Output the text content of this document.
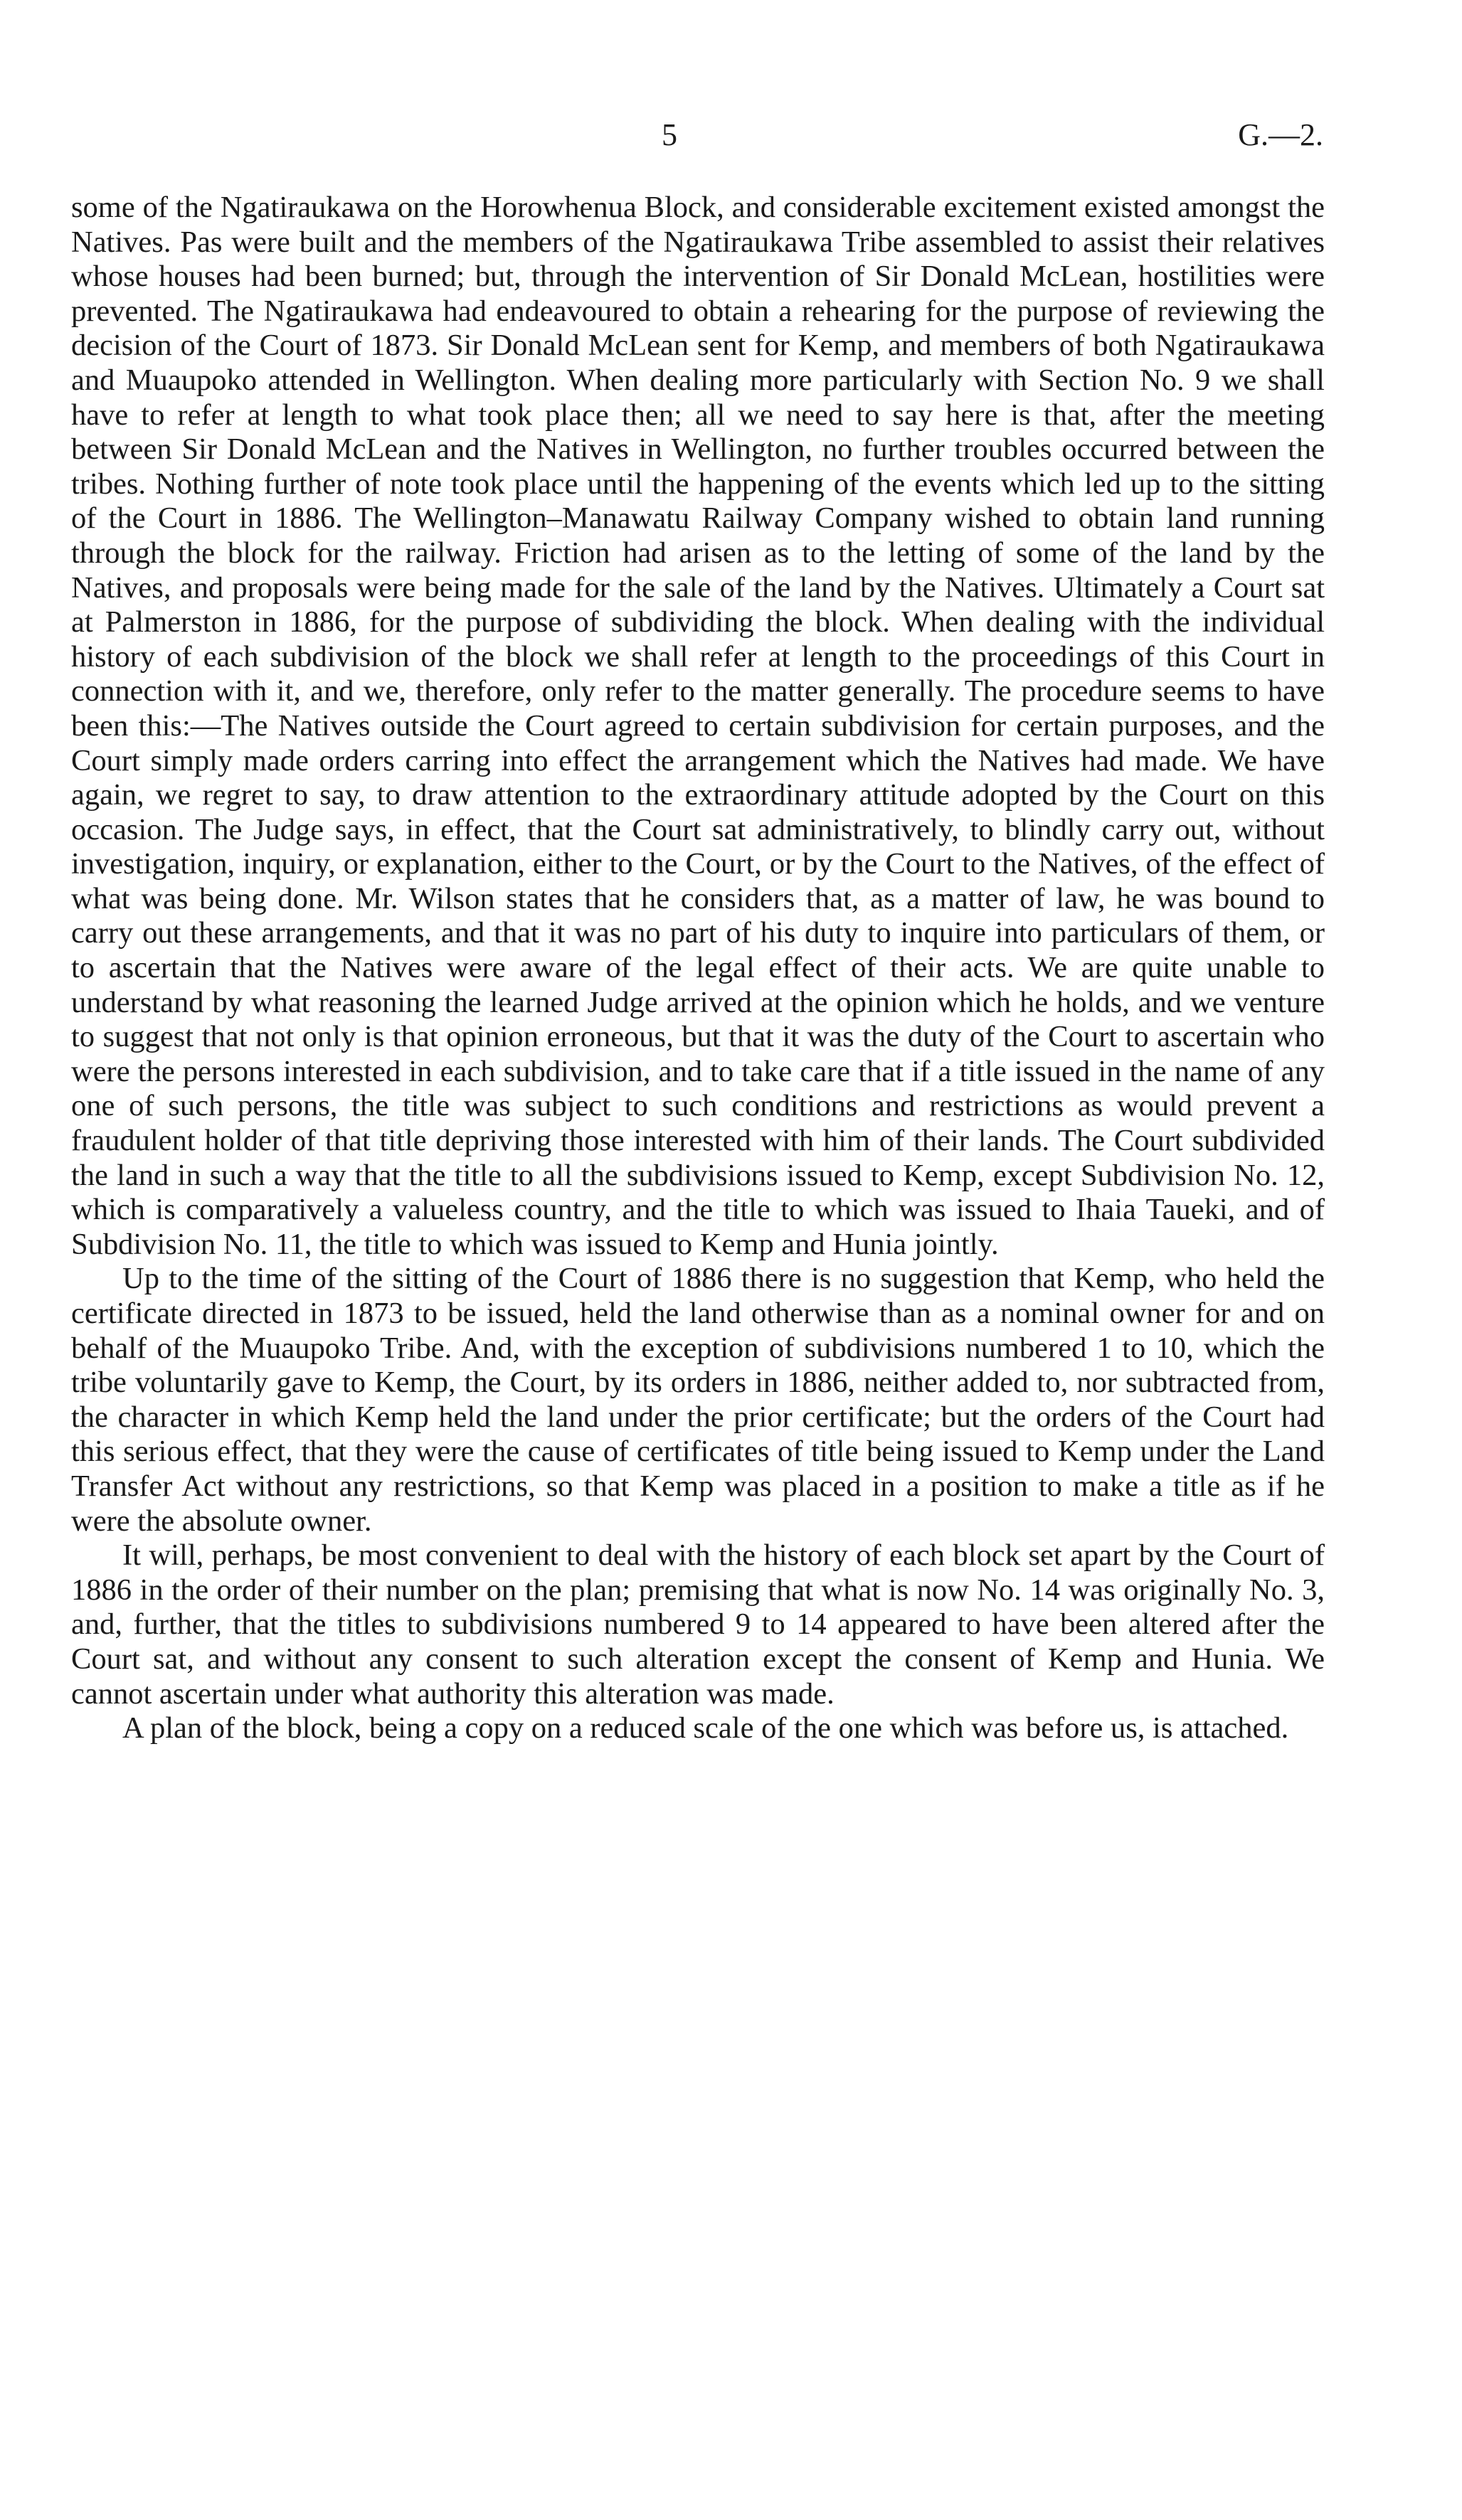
5	G.—2.

some of the Ngatiraukawa on the Horowhenua Block, and considerable excitement existed amongst the Natives. Pas were built and the members of the Ngatiraukawa Tribe assembled to assist their relatives whose houses had been burned; but, through the intervention of Sir Donald McLean, hostilities were prevented. The Ngatiraukawa had endeavoured to obtain a rehearing for the purpose of reviewing the decision of the Court of 1873. Sir Donald McLean sent for Kemp, and members of both Ngatiraukawa and Muaupoko attended in Wellington. When dealing more particularly with Section No. 9 we shall have to refer at length to what took place then; all we need to say here is that, after the meeting between Sir Donald McLean and the Natives in Wellington, no further troubles occurred between the tribes. Nothing further of note took place until the happening of the events which led up to the sitting of the Court in 1886. The Wellington–Manawatu Railway Company wished to obtain land running through the block for the railway. Friction had arisen as to the letting of some of the land by the Natives, and proposals were being made for the sale of the land by the Natives. Ultimately a Court sat at Palmerston in 1886, for the purpose of subdividing the block. When dealing with the individual history of each subdivision of the block we shall refer at length to the proceedings of this Court in connection with it, and we, therefore, only refer to the matter generally. The procedure seems to have been this:—The Natives outside the Court agreed to certain subdivision for certain purposes, and the Court simply made orders carring into effect the arrangement which the Natives had made. We have again, we regret to say, to draw attention to the extraordinary attitude adopted by the Court on this occasion. The Judge says, in effect, that the Court sat administratively, to blindly carry out, without investigation, inquiry, or explanation, either to the Court, or by the Court to the Natives, of the effect of what was being done. Mr. Wilson states that he considers that, as a matter of law, he was bound to carry out these arrangements, and that it was no part of his duty to inquire into particulars of them, or to ascertain that the Natives were aware of the legal effect of their acts. We are quite unable to understand by what reasoning the learned Judge arrived at the opinion which he holds, and we venture to suggest that not only is that opinion erroneous, but that it was the duty of the Court to ascertain who were the persons interested in each subdivision, and to take care that if a title issued in the name of any one of such persons, the title was subject to such conditions and restrictions as would prevent a fraudulent holder of that title depriving those interested with him of their lands. The Court subdivided the land in such a way that the title to all the subdivisions issued to Kemp, except Subdivision No. 12, which is comparatively a valueless country, and the title to which was issued to Ihaia Taueki, and of Subdivision No. 11, the title to which was issued to Kemp and Hunia jointly.

Up to the time of the sitting of the Court of 1886 there is no suggestion that Kemp, who held the certificate directed in 1873 to be issued, held the land otherwise than as a nominal owner for and on behalf of the Muaupoko Tribe. And, with the exception of subdivisions numbered 1 to 10, which the tribe voluntarily gave to Kemp, the Court, by its orders in 1886, neither added to, nor subtracted from, the character in which Kemp held the land under the prior certificate; but the orders of the Court had this serious effect, that they were the cause of certificates of title being issued to Kemp under the Land Transfer Act without any restrictions, so that Kemp was placed in a position to make a title as if he were the absolute owner.

It will, perhaps, be most convenient to deal with the history of each block set apart by the Court of 1886 in the order of their number on the plan; premising that what is now No. 14 was originally No. 3, and, further, that the titles to subdivisions numbered 9 to 14 appeared to have been altered after the Court sat, and without any consent to such alteration except the consent of Kemp and Hunia. We cannot ascertain under what authority this alteration was made.

A plan of the block, being a copy on a reduced scale of the one which was before us, is attached.
